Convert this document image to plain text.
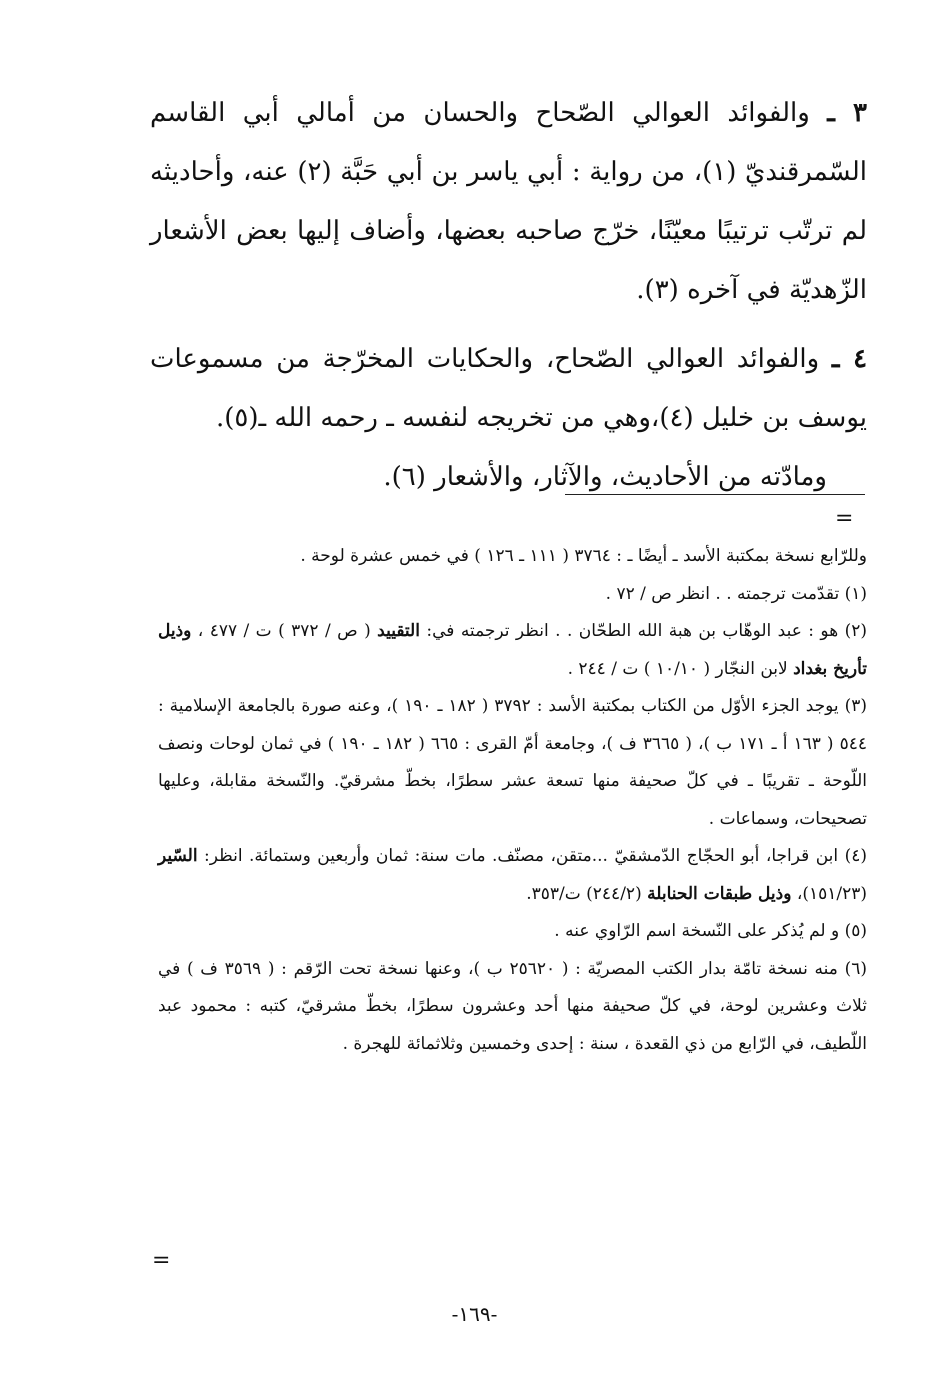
٣ ـ والفوائد العوالي الصّحاح والحسان من أمالي أبي القاسم السّمرقنديّ (١)، من رواية : أبي ياسر بن أبي حَبَّة (٢) عنه، وأحاديثه لم ترتّب ترتيبًا معيّنًا، خرّج صاحبه بعضها، وأضاف إليها بعض الأشعار الزّهديّة في آخره (٣).

٤ ـ والفوائد العوالي الصّحاح، والحكايات المخرّجة من مسموعات يوسف بن خليل (٤)،وهي من تخريجه لنفسه ـ رحمه الله ـ(٥).
ومادّته من الأحاديث، والآثار، والأشعار (٦).

=

وللرّابع نسخة بمكتبة الأسد ـ أيضًا ـ : ٣٧٦٤ ( ١١١ ـ ١٢٦ ) في خمس عشرة لوحة .

(١) تقدّمت ترجمته . . انظر ص / ٧٢ .

(٢) هو : عبد الوهّاب بن هبة الله الطحّان . . انظر ترجمته في: التقييد ( ص / ٣٧٢ ) ت / ٤٧٧ ، وذيل تأريخ بغداد لابن النجّار ( ١٠/١٠ ) ت / ٢٤٤ .

(٣) يوجد الجزء الأوّل من الكتاب بمكتبة الأسد : ٣٧٩٢ ( ١٨٢ ـ ١٩٠ )، وعنه صورة بالجامعة الإسلامية : ٥٤٤ ( ١٦٣ أ ـ ١٧١ ب )، ( ٣٦٦٥ ف )، وجامعة أمّ القرى : ٦٦٥ ( ١٨٢ ـ ١٩٠ ) في ثمان لوحات ونصف اللّوحة ـ تقريبًا ـ في كلّ صحيفة منها تسعة عشر سطرًا، بخطّ مشرقيّ. والنّسخة مقابلة، وعليها تصحيحات، وسماعات .

(٤) ابن قراجا، أبو الحجّاج الدّمشقيّ ...متقن، مصنّف. مات سنة: ثمان وأربعين وستمائة. انظر: السّير (١٥١/٢٣)، وذيل طبقات الحنابلة (٢٤٤/٢) ت/٣٥٣.

(٥) و لم يُذكر على النّسخة اسم الرّاوي عنه .

(٦) منه نسخة تامّة بدار الكتب المصريّة : ( ٢٥٦٢٠ ب )، وعنها نسخة تحت الرّقم : ( ٣٥٦٩ ف ) في ثلاث وعشرين لوحة، في كلّ صحيفة منها أحد وعشرون سطرًا، بخطّ مشرقيّ، كتبه : محمود عبد اللّطيف، في الرّابع من ذي القعدة ، سنة : إحدى وخمسين وثلاثمائة للهجرة .

=
-١٦٩-
